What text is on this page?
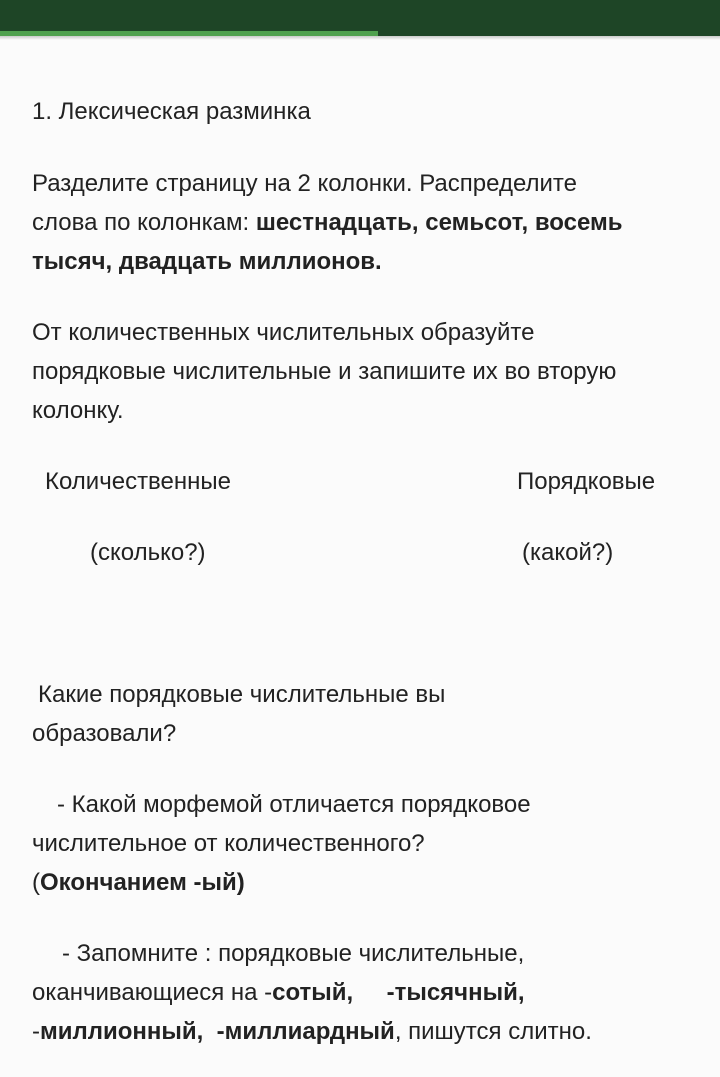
1. Лексическая разминка
Разделите страницу на 2 колонки. Распределите
слова по колонкам: шестнадцать, семьсот, восемь
тысяч, двадцать миллионов.
От количественных числительных образуйте
порядковые числительные и запишите их во вторую
колонку.
Количественные	Порядковые
(сколько?)	(какой?)
Какие порядковые числительные вы
образовали?
- Какой морфемой отличается порядковое
числительное от количественного?
(Окончанием -ый)
- Запомните : порядковые числительные,
оканчивающиеся на -сотый, -тысячный,
-миллионный, -миллиардный, пишутся слитно.
